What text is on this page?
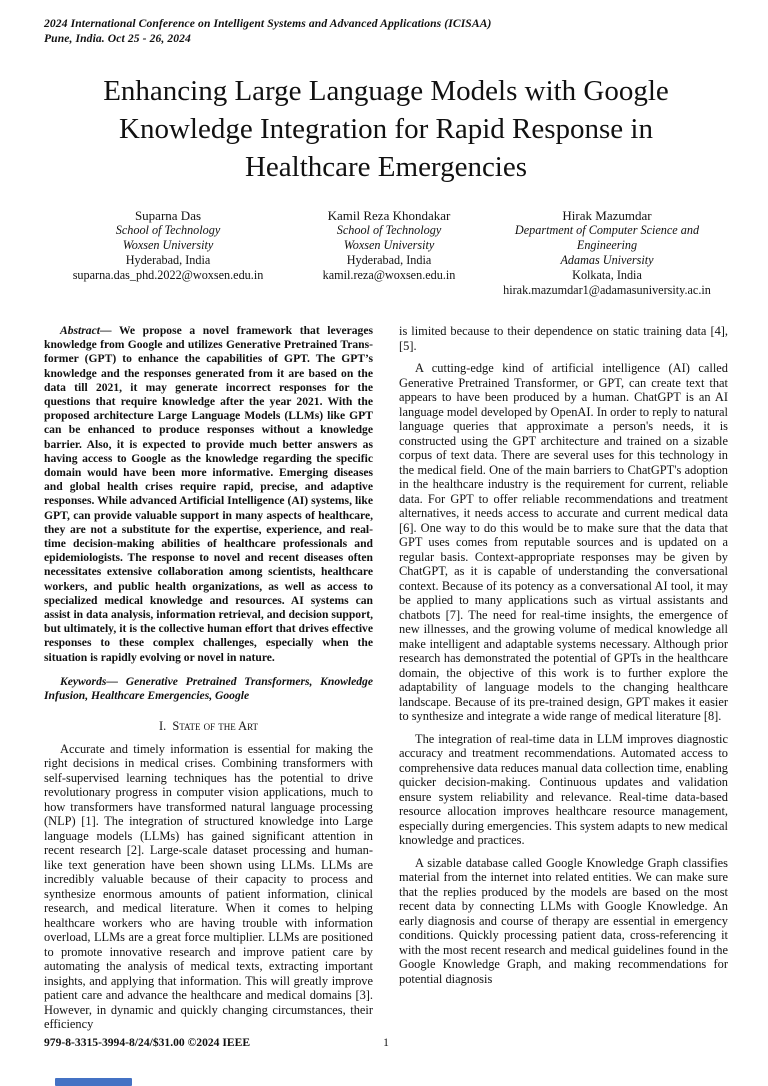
2024 International Conference on Intelligent Systems and Advanced Applications (ICISAA)
Pune, India. Oct 25 - 26, 2024
Enhancing Large Language Models with Google Knowledge Integration for Rapid Response in Healthcare Emergencies
Suparna Das
School of Technology
Woxsen University
Hyderabad, India
suparna.das_phd.2022@woxsen.edu.in
Kamil Reza Khondakar
School of Technology
Woxsen University
Hyderabad, India
kamil.reza@woxsen.edu.in
Hirak Mazumdar
Department of Computer Science and Engineering
Adamas University
Kolkata, India
hirak.mazumdar1@adamasuniversity.ac.in

Abstract— We propose a novel framework that leverages knowledge from Google and utilizes Generative Pretrained Trans- former (GPT) to enhance the capabilities of GPT. The GPT’s knowledge and the responses generated from it are based on the data till 2021, it may generate incorrect responses for the questions that require knowledge after the year 2021. With the proposed architecture Large Language Models (LLMs) like GPT can be enhanced to produce responses without a knowledge barrier. Also, it is expected to provide much better answers as having access to Google as the knowledge regarding the specific domain would have been more informative. Emerging diseases and global health crises require rapid, precise, and adaptive responses. While advanced Artificial Intelligence (AI) systems, like GPT, can provide valuable support in many aspects of healthcare, they are not a substitute for the expertise, experience, and real-time decision-making abilities of healthcare professionals and epidemiologists. The response to novel and recent diseases often necessitates extensive collaboration among scientists, healthcare workers, and public health organizations, as well as access to specialized medical knowledge and resources. AI systems can assist in data analysis, information retrieval, and decision support, but ultimately, it is the collective human effort that drives effective responses to these complex challenges, especially when the situation is rapidly evolving or novel in nature.

Keywords— Generative Pretrained Transformers, Knowledge Infusion, Healthcare Emergencies, Google

I. State of the Art

Accurate and timely information is essential for making the right decisions in medical crises. Combining transformers with self-supervised learning techniques has the potential to drive revolutionary progress in computer vision applications, much to how transformers have transformed natural language processing (NLP) [1]. The integration of structured knowledge into Large language models (LLMs) has gained significant attention in recent research [2]. Large-scale dataset processing and human-like text generation have been shown using LLMs. LLMs are incredibly valuable because of their capacity to process and synthesize enormous amounts of patient information, clinical research, and medical literature. When it comes to helping healthcare workers who are having trouble with information overload, LLMs are a great force multiplier. LLMs are positioned to promote innovative research and improve patient care by automating the analysis of medical texts, extracting important insights, and applying that information. This will greatly improve patient care and advance the healthcare and medical domains [3]. However, in dynamic and quickly changing circumstances, their efficiency

is limited because to their dependence on static training data [4], [5].

A cutting-edge kind of artificial intelligence (AI) called Generative Pretrained Transformer, or GPT, can create text that appears to have been produced by a human. ChatGPT is an AI language model developed by OpenAI. In order to reply to natural language queries that approximate a person's needs, it is constructed using the GPT architecture and trained on a sizable corpus of text data. There are several uses for this technology in the medical field. One of the main barriers to ChatGPT's adoption in the healthcare industry is the requirement for current, reliable data. For GPT to offer reliable recommendations and treatment alternatives, it needs access to accurate and current medical data [6]. One way to do this would be to make sure that the data that GPT uses comes from reputable sources and is updated on a regular basis. Context-appropriate responses may be given by ChatGPT, as it is capable of understanding the conversational context. Because of its potency as a conversational AI tool, it may be applied to many applications such as virtual assistants and chatbots [7]. The need for real-time insights, the emergence of new illnesses, and the growing volume of medical knowledge all make intelligent and adaptable systems necessary. Although prior research has demonstrated the potential of GPTs in the healthcare domain, the objective of this work is to further explore the adaptability of language models to the changing healthcare landscape. Because of its pre-trained design, GPT makes it easier to synthesize and integrate a wide range of medical literature [8].

The integration of real-time data in LLM improves diagnostic accuracy and treatment recommendations. Automated access to comprehensive data reduces manual data collection time, enabling quicker decision-making. Continuous updates and validation ensure system reliability and relevance. Real-time data-based resource allocation improves healthcare resource management, especially during emergencies. This system adapts to new medical knowledge and practices.

A sizable database called Google Knowledge Graph classifies material from the internet into related entities. We can make sure that the replies produced by the models are based on the most recent data by connecting LLMs with Google Knowledge. An early diagnosis and course of therapy are essential in emergency conditions. Quickly processing patient data, cross-referencing it with the most recent research and medical guidelines found in the Google Knowledge Graph, and making recommendations for potential diagnosis

979-8-3315-3994-8/24/$31.00 ©2024 IEEE	1
